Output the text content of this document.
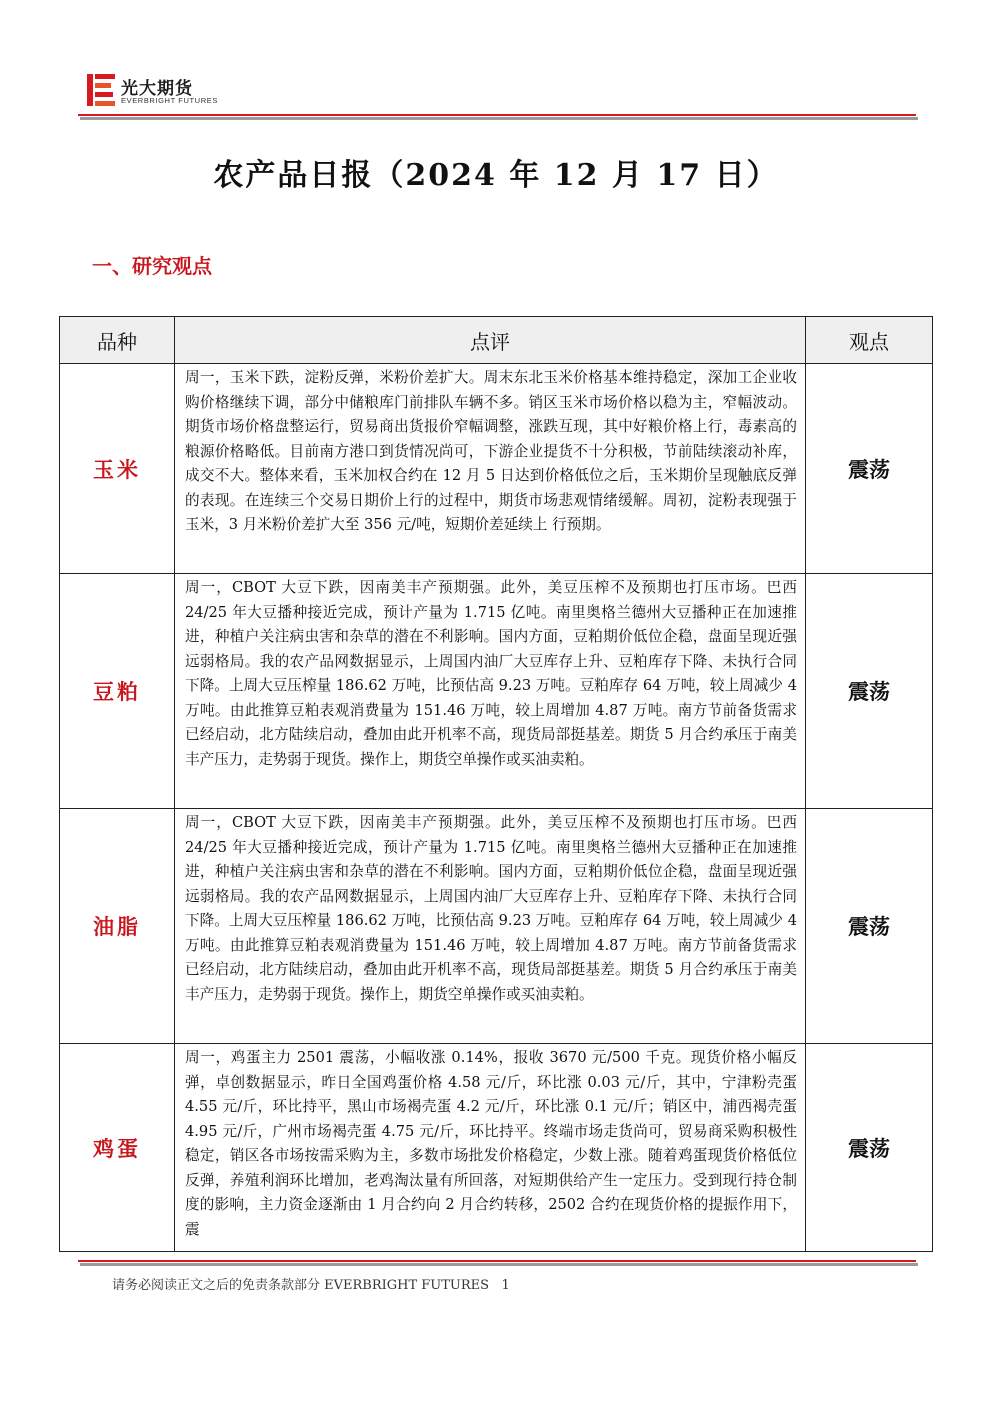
光大期货
EVERBRIGHT FUTURES
农产品日报（2024 年 12 月 17 日）
一、研究观点
品种	点评	观点
玉米	周一，玉米下跌，淀粉反弹，米粉价差扩大。周末东北玉米价格基本维持稳定，深加工企业收购价格继续下调，部分中储粮库门前排队车辆不多。销区玉米市场价格以稳为主，窄幅波动。期货市场价格盘整运行，贸易商出货报价窄幅调整，涨跌互现，其中好粮价格上行，毒素高的粮源价格略低。目前南方港口到货情况尚可，下游企业提货不十分积极，节前陆续滚动补库，成交不大。整体来看，玉米加权合约在 12 月 5 日达到价格低位之后，玉米期价呈现触底反弹的表现。在连续三个交易日期价上行的过程中，期货市场悲观情绪缓解。周初，淀粉表现强于玉米，3 月米粉价差扩大至 356 元/吨，短期价差延续上 行预期。	震荡
豆粕	周一，CBOT 大豆下跌，因南美丰产预期强。此外，美豆压榨不及预期也打压市场。巴西 24/25 年大豆播种接近完成，预计产量为 1.715 亿吨。南里奥格兰德州大豆播种正在加速推进，种植户关注病虫害和杂草的潜在不利影响。国内方面，豆粕期价低位企稳，盘面呈现近强远弱格局。我的农产品网数据显示，上周国内油厂大豆库存上升、豆粕库存下降、未执行合同下降。上周大豆压榨量 186.62 万吨，比预估高 9.23 万吨。豆粕库存 64 万吨，较上周减少 4 万吨。由此推算豆粕表观消费量为 151.46 万吨，较上周增加 4.87 万吨。南方节前备货需求已经启动，北方陆续启动，叠加由此开机率不高，现货局部挺基差。期货 5 月合约承压于南美丰产压力，走势弱于现货。操作上，期货空单操作或买油卖粕。	震荡
油脂	周一，CBOT 大豆下跌，因南美丰产预期强。此外，美豆压榨不及预期也打压市场。巴西 24/25 年大豆播种接近完成，预计产量为 1.715 亿吨。南里奥格兰德州大豆播种正在加速推进，种植户关注病虫害和杂草的潜在不利影响。国内方面，豆粕期价低位企稳，盘面呈现近强远弱格局。我的农产品网数据显示，上周国内油厂大豆库存上升、豆粕库存下降、未执行合同下降。上周大豆压榨量 186.62 万吨，比预估高 9.23 万吨。豆粕库存 64 万吨，较上周减少 4 万吨。由此推算豆粕表观消费量为 151.46 万吨，较上周增加 4.87 万吨。南方节前备货需求已经启动，北方陆续启动，叠加由此开机率不高，现货局部挺基差。期货 5 月合约承压于南美丰产压力，走势弱于现货。操作上，期货空单操作或买油卖粕。	震荡
鸡蛋	周一，鸡蛋主力 2501 震荡，小幅收涨 0.14%，报收 3670 元/500 千克。现货价格小幅反弹，卓创数据显示，昨日全国鸡蛋价格 4.58 元/斤，环比涨 0.03 元/斤，其中，宁津粉壳蛋 4.55 元/斤，环比持平，黑山市场褐壳蛋 4.2 元/斤，环比涨 0.1 元/斤；销区中，浦西褐壳蛋 4.95 元/斤，广州市场褐壳蛋 4.75 元/斤，环比持平。终端市场走货尚可，贸易商采购积极性稳定，销区各市场按需采购为主，多数市场批发价格稳定，少数上涨。随着鸡蛋现货价格低位反弹，养殖利润环比增加，老鸡淘汰量有所回落，对短期供给产生一定压力。受到现行持仓制度的影响，主力资金逐渐由 1 月合约向 2 月合约转移，2502 合约在现货价格的提振作用下，震	震荡
请务必阅读正文之后的免责条款部分 EVERBRIGHT FUTURES 1
